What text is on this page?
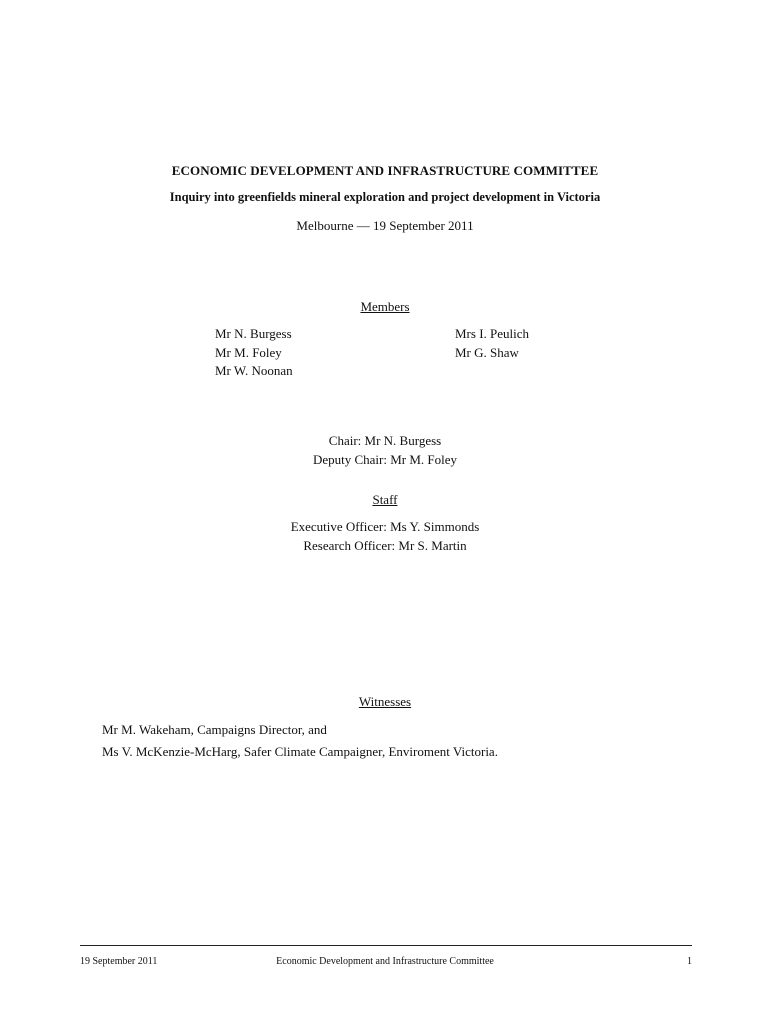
ECONOMIC DEVELOPMENT AND INFRASTRUCTURE COMMITTEE
Inquiry into greenfields mineral exploration and project development in Victoria
Melbourne — 19 September 2011
Members
Mr N. Burgess
Mr M. Foley
Mr W. Noonan
Mrs I. Peulich
Mr G. Shaw
Chair: Mr N. Burgess
Deputy Chair: Mr M. Foley
Staff
Executive Officer: Ms Y. Simmonds
Research Officer: Mr S. Martin
Witnesses
Mr M. Wakeham, Campaigns Director, and
Ms V. McKenzie-McHarg, Safer Climate Campaigner, Enviroment Victoria.
19 September 2011	Economic Development and Infrastructure Committee	1
